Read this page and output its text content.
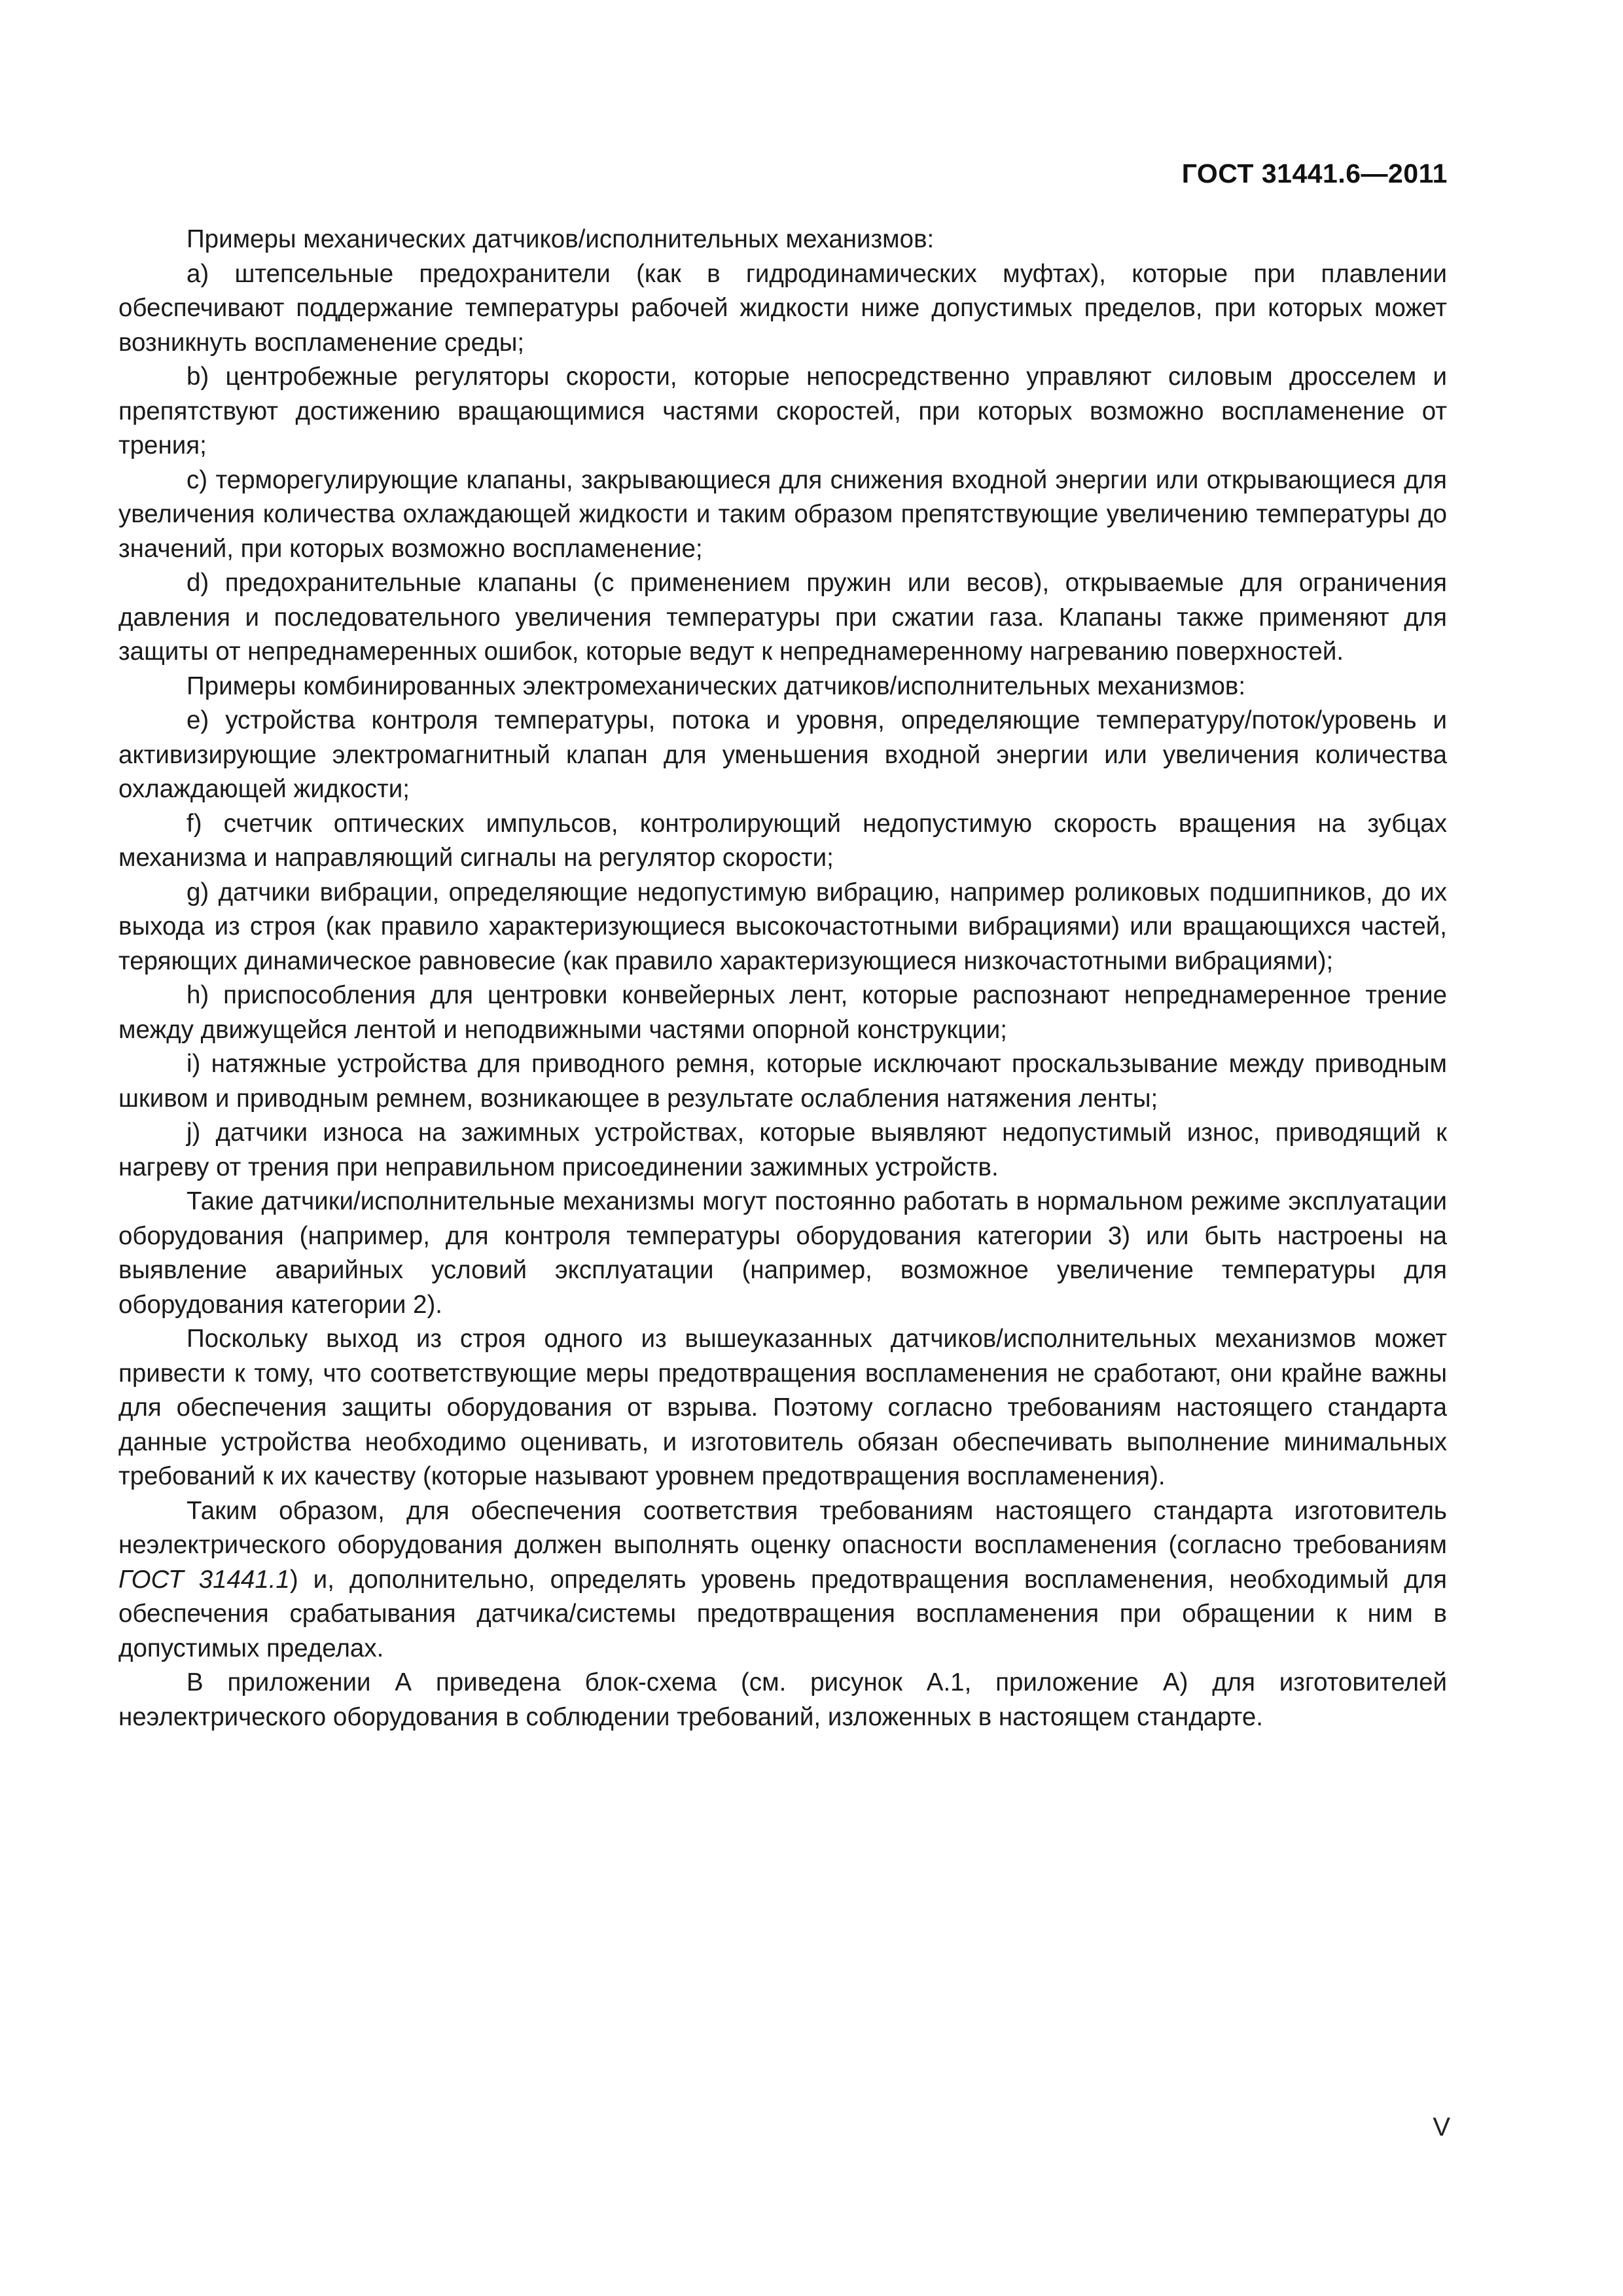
ГОСТ 31441.6—2011

Примеры механических датчиков/исполнительных механизмов:

a) штепсельные предохранители (как в гидродинамических муфтах), которые при плавлении обеспечивают поддержание температуры рабочей жидкости ниже допустимых пределов, при которых может возникнуть воспламенение среды;

b) центробежные регуляторы скорости, которые непосредственно управляют силовым дросселем и препятствуют достижению вращающимися частями скоростей, при которых возможно воспламенение от трения;

c) терморегулирующие клапаны, закрывающиеся для снижения входной энергии или открывающиеся для увеличения количества охлаждающей жидкости и таким образом препятствующие увеличению температуры до значений, при которых возможно воспламенение;

d) предохранительные клапаны (с применением пружин или весов), открываемые для ограничения давления и последовательного увеличения температуры при сжатии газа. Клапаны также применяют для защиты от непреднамеренных ошибок, которые ведут к непреднамеренному нагреванию поверхностей.

Примеры комбинированных электромеханических датчиков/исполнительных механизмов:

e) устройства контроля температуры, потока и уровня, определяющие температуру/поток/уровень и активизирующие электромагнитный клапан для уменьшения входной энергии или увеличения количества охлаждающей жидкости;

f) счетчик оптических импульсов, контролирующий недопустимую скорость вращения на зубцах механизма и направляющий сигналы на регулятор скорости;

g) датчики вибрации, определяющие недопустимую вибрацию, например роликовых подшипников, до их выхода из строя (как правило характеризующиеся высокочастотными вибрациями) или вращающихся частей, теряющих динамическое равновесие (как правило характеризующиеся низкочастотными вибрациями);

h) приспособления для центровки конвейерных лент, которые распознают непреднамеренное трение между движущейся лентой и неподвижными частями опорной конструкции;

i) натяжные устройства для приводного ремня, которые исключают проскальзывание между приводным шкивом и приводным ремнем, возникающее в результате ослабления натяжения ленты;

j) датчики износа на зажимных устройствах, которые выявляют недопустимый износ, приводящий к нагреву от трения при неправильном присоединении зажимных устройств.

Такие датчики/исполнительные механизмы могут постоянно работать в нормальном режиме эксплуатации оборудования (например, для контроля температуры оборудования категории 3) или быть настроены на выявление аварийных условий эксплуатации (например, возможное увеличение температуры для оборудования категории 2).

Поскольку выход из строя одного из вышеуказанных датчиков/исполнительных механизмов может привести к тому, что соответствующие меры предотвращения воспламенения не сработают, они крайне важны для обеспечения защиты оборудования от взрыва. Поэтому согласно требованиям настоящего стандарта данные устройства необходимо оценивать, и изготовитель обязан обеспечивать выполнение минимальных требований к их качеству (которые называют уровнем предотвращения воспламенения).

Таким образом, для обеспечения соответствия требованиям настоящего стандарта изготовитель неэлектрического оборудования должен выполнять оценку опасности воспламенения (согласно требованиям ГОСТ 31441.1) и, дополнительно, определять уровень предотвращения воспламенения, необходимый для обеспечения срабатывания датчика/системы предотвращения воспламенения при обращении к ним в допустимых пределах.

В приложении А приведена блок-схема (см. рисунок А.1, приложение А) для изготовителей неэлектрического оборудования в соблюдении требований, изложенных в настоящем стандарте.

V
